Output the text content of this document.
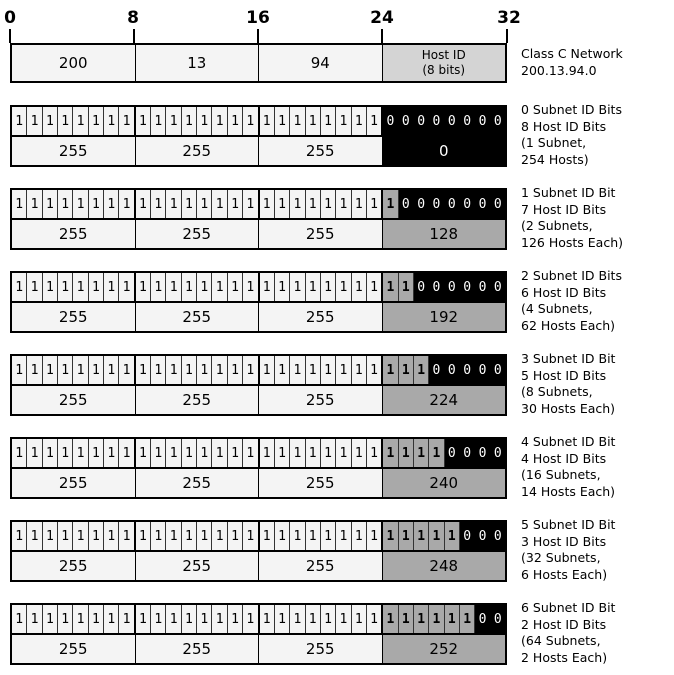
0	8	16	24	32
200	13	94	Host ID
(8 bits)
Class C Network
200.13.94.0
1 1 1 1 1 1 1 1 1 1 1 1 1 1 1 1 1 1 1 1 1 1 1 1 0 0 0 0 0 0 0 0
255	255	255	0
0 Subnet ID Bits
8 Host ID Bits
(1 Subnet,
254 Hosts)
1 1 1 1 1 1 1 1 1 1 1 1 1 1 1 1 1 1 1 1 1 1 1 1 1 0 0 0 0 0 0 0
255	255	255	128
1 Subnet ID Bit
7 Host ID Bits
(2 Subnets,
126 Hosts Each)
1 1 1 1 1 1 1 1 1 1 1 1 1 1 1 1 1 1 1 1 1 1 1 1 1 1 0 0 0 0 0 0
255	255	255	192
2 Subnet ID Bits
6 Host ID Bits
(4 Subnets,
62 Hosts Each)
1 1 1 1 1 1 1 1 1 1 1 1 1 1 1 1 1 1 1 1 1 1 1 1 1 1 1 0 0 0 0 0
255	255	255	224
3 Subnet ID Bit
5 Host ID Bits
(8 Subnets,
30 Hosts Each)
1 1 1 1 1 1 1 1 1 1 1 1 1 1 1 1 1 1 1 1 1 1 1 1 1 1 1 1 0 0 0 0
255	255	255	240
4 Subnet ID Bit
4 Host ID Bits
(16 Subnets,
14 Hosts Each)
1 1 1 1 1 1 1 1 1 1 1 1 1 1 1 1 1 1 1 1 1 1 1 1 1 1 1 1 1 0 0 0
255	255	255	248
5 Subnet ID Bit
3 Host ID Bits
(32 Subnets,
6 Hosts Each)
1 1 1 1 1 1 1 1 1 1 1 1 1 1 1 1 1 1 1 1 1 1 1 1 1 1 1 1 1 1 0 0
255	255	255	252
6 Subnet ID Bit
2 Host ID Bits
(64 Subnets,
2 Hosts Each)
